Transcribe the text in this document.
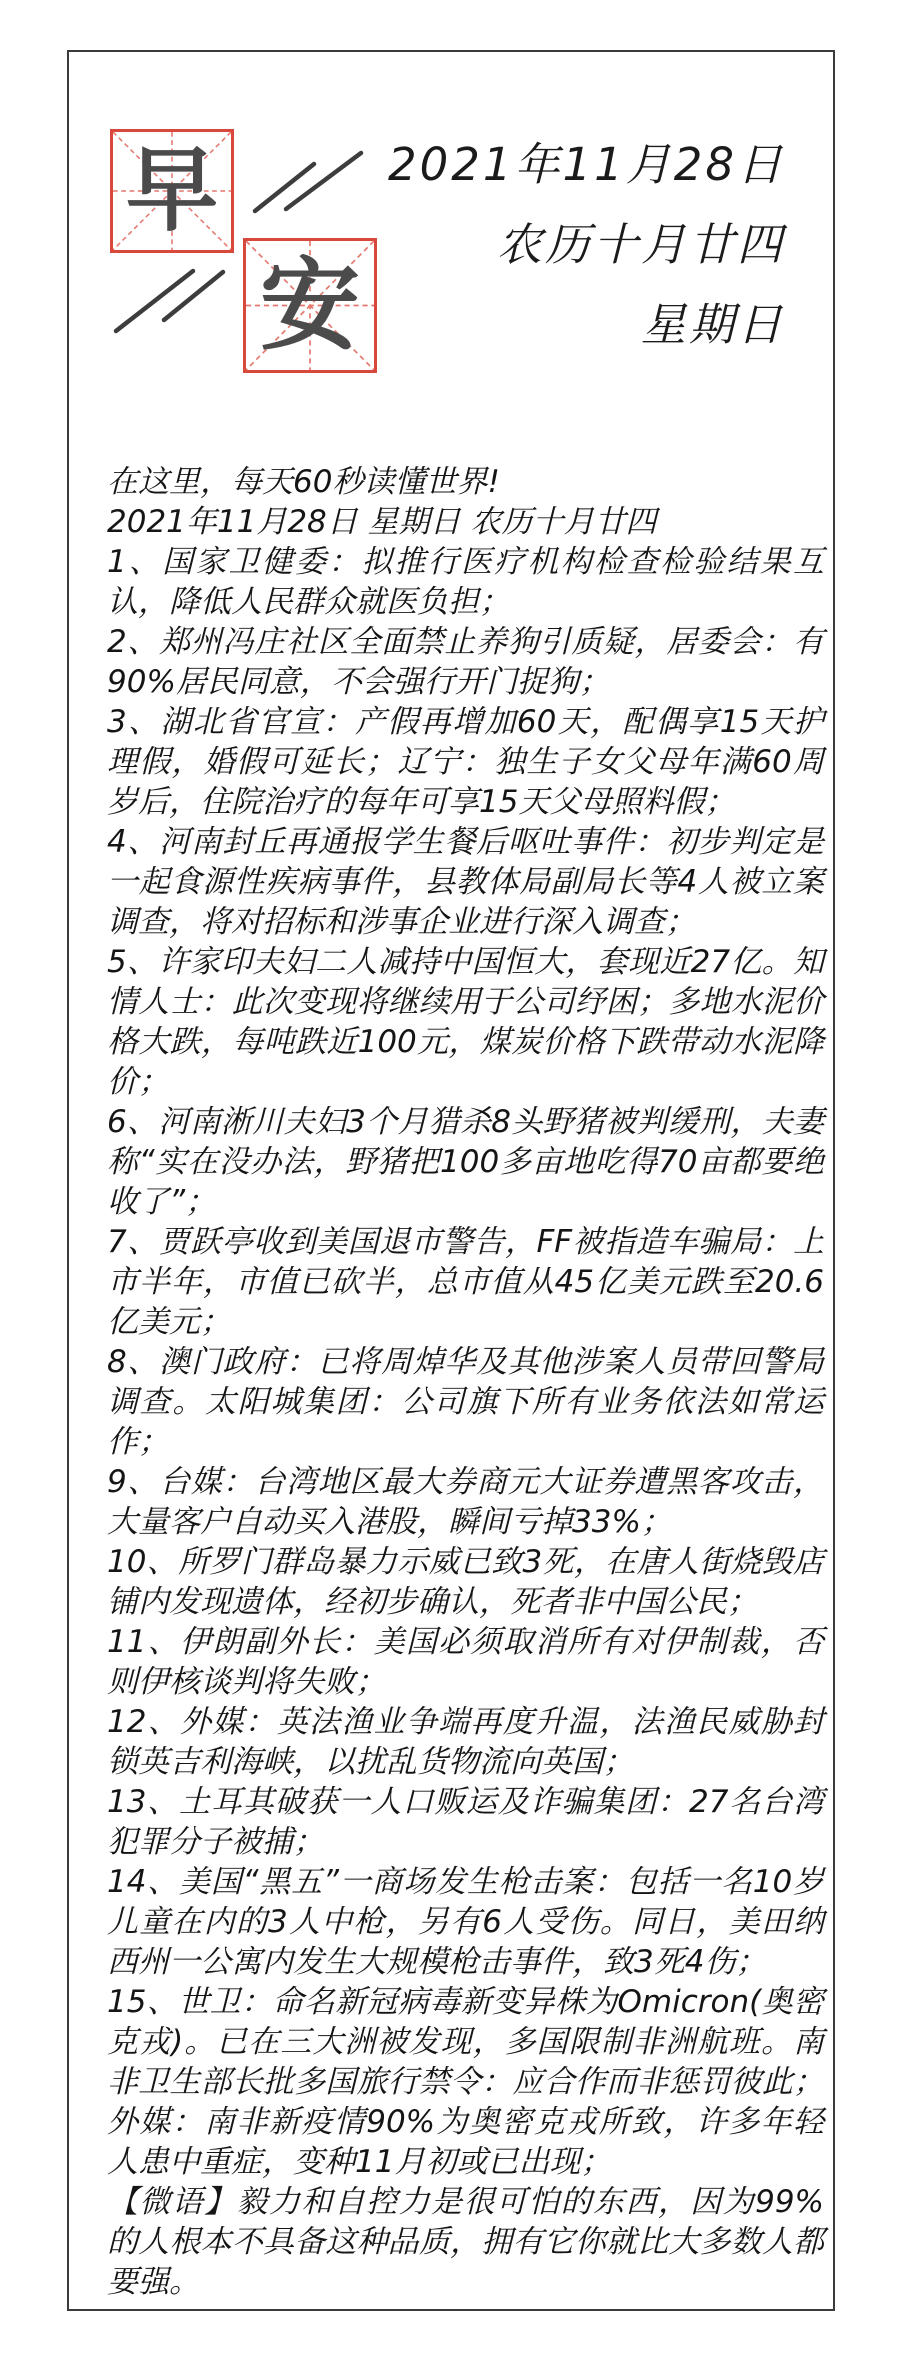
早
安
2021年11月28日
农历十月廿四
星期日

在这里，每天60秒读懂世界!

2021年11月28日 星期日 农历十月廿四

1、国家卫健委：拟推行医疗机构检查检验结果互认，降低人民群众就医负担；

2、郑州冯庄社区全面禁止养狗引质疑，居委会：有90%居民同意，不会强行开门捉狗；

3、湖北省官宣：产假再增加60天，配偶享15天护理假，婚假可延长；辽宁：独生子女父母年满60周岁后，住院治疗的每年可享15天父母照料假；

4、河南封丘再通报学生餐后呕吐事件：初步判定是一起食源性疾病事件，县教体局副局长等4人被立案调查，将对招标和涉事企业进行深入调查；

5、许家印夫妇二人减持中国恒大，套现近27亿。知情人士：此次变现将继续用于公司纾困；多地水泥价格大跌，每吨跌近100元，煤炭价格下跌带动水泥降价；

6、河南淅川夫妇3个月猎杀8头野猪被判缓刑，夫妻称“实在没办法，野猪把100多亩地吃得70亩都要绝收了”；

7、贾跃亭收到美国退市警告，FF被指造车骗局：上市半年，市值已砍半，总市值从45亿美元跌至20.6亿美元；

8、澳门政府：已将周焯华及其他涉案人员带回警局调查。太阳城集团：公司旗下所有业务依法如常运作；

9、台媒：台湾地区最大券商元大证券遭黑客攻击，大量客户自动买入港股，瞬间亏掉33%；

10、所罗门群岛暴力示威已致3死，在唐人街烧毁店铺内发现遗体，经初步确认，死者非中国公民；

11、伊朗副外长：美国必须取消所有对伊制裁，否则伊核谈判将失败；

12、外媒：英法渔业争端再度升温，法渔民威胁封锁英吉利海峡，以扰乱货物流向英国；

13、土耳其破获一人口贩运及诈骗集团：27名台湾犯罪分子被捕；

14、美国“黑五”一商场发生枪击案：包括一名10岁儿童在内的3人中枪，另有6人受伤。同日，美田纳西州一公寓内发生大规模枪击事件，致3死4伤；

15、世卫：命名新冠病毒新变异株为Omicron(奥密克戎)。已在三大洲被发现，多国限制非洲航班。南非卫生部长批多国旅行禁令：应合作而非惩罚彼此；外媒：南非新疫情90%为奥密克戎所致，许多年轻人患中重症，变种11月初或已出现；

【微语】毅力和自控力是很可怕的东西，因为99%的人根本不具备这种品质，拥有它你就比大多数人都要强。
